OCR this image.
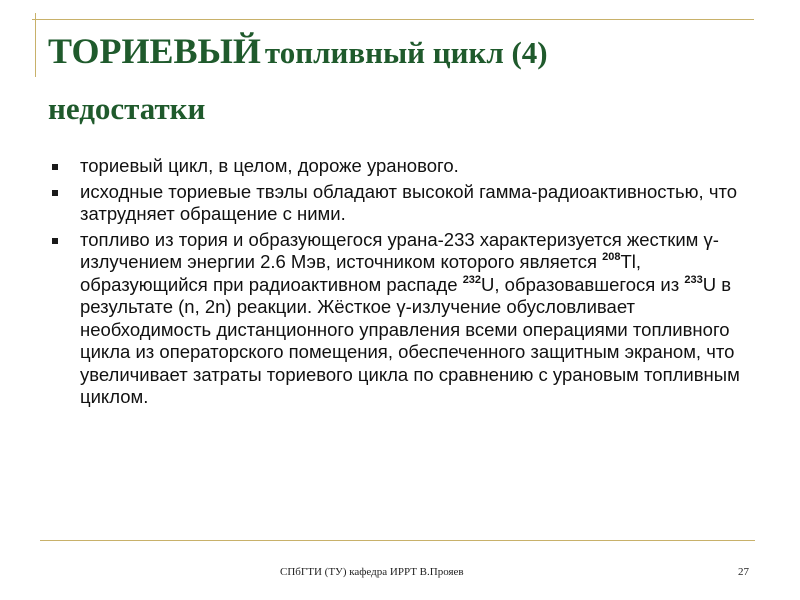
ТОРИЕВЫЙ топливный цикл (4)
недостатки
ториевый цикл, в целом, дороже уранового.
исходные ториевые твэлы обладают высокой гамма-радиоактивностью, что затрудняет обращение с ними.
топливо из тория и образующегося урана-233 характеризуется жестким γ-излучением энергии 2.6 Мэв, источником которого является $^{208}$Tl, образующийся при радиоактивном распаде $^{232}$U, образовавшегося из $^{233}$U в результате (n, 2n) реакции. Жёсткое γ-излучение обусловливает необходимость дистанционного управления всеми операциями топливного цикла из операторского помещения, обеспеченного защитным экраном, что увеличивает затраты ториевого цикла по сравнению с урановым топливным циклом.
СПбГТИ (ТУ) кафедра ИРРТ В.Прояев	27
